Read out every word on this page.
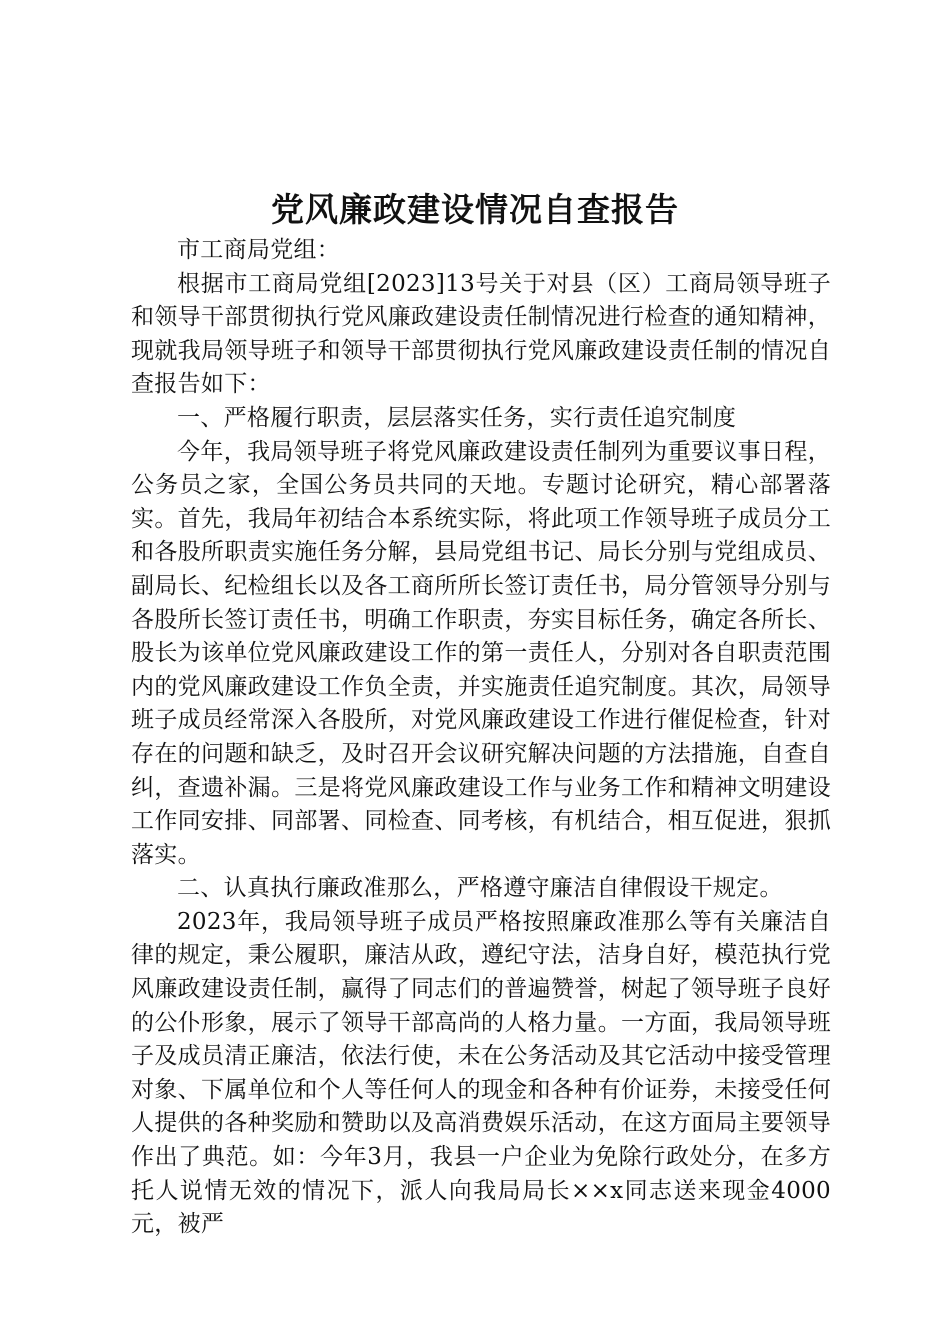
党风廉政建设情况自查报告

市工商局党组：

根据市工商局党组[2023]13号关于对县（区）工商局领导班子和领导干部贯彻执行党风廉政建设责任制情况进行检查的通知精神，现就我局领导班子和领导干部贯彻执行党风廉政建设责任制的情况自查报告如下：

一、严格履行职责，层层落实任务，实行责任追究制度

今年，我局领导班子将党风廉政建设责任制列为重要议事日程，公务员之家，全国公务员共同的天地。专题讨论研究，精心部署落实。首先，我局年初结合本系统实际，将此项工作领导班子成员分工和各股所职责实施任务分解，县局党组书记、局长分别与党组成员、副局长、纪检组长以及各工商所所长签订责任书，局分管领导分别与各股所长签订责任书，明确工作职责，夯实目标任务，确定各所长、股长为该单位党风廉政建设工作的第一责任人，分别对各自职责范围内的党风廉政建设工作负全责，并实施责任追究制度。其次，局领导班子成员经常深入各股所，对党风廉政建设工作进行催促检查，针对存在的问题和缺乏，及时召开会议研究解决问题的方法措施，自查自纠，查遗补漏。三是将党风廉政建设工作与业务工作和精神文明建设工作同安排、同部署、同检查、同考核，有机结合，相互促进，狠抓落实。

二、认真执行廉政准那么，严格遵守廉洁自律假设干规定。

2023年，我局领导班子成员严格按照廉政准那么等有关廉洁自律的规定，秉公履职，廉洁从政，遵纪守法，洁身自好，模范执行党风廉政建设责任制，赢得了同志们的普遍赞誉，树起了领导班子良好的公仆形象，展示了领导干部高尚的人格力量。一方面，我局领导班子及成员清正廉洁，依法行使，未在公务活动及其它活动中接受管理对象、下属单位和个人等任何人的现金和各种有价证券，未接受任何人提供的各种奖励和赞助以及高消费娱乐活动，在这方面局主要领导作出了典范。如：今年3月，我县一户企业为免除行政处分，在多方托人说情无效的情况下，派人向我局局长××x同志送来现金4000元，被严
